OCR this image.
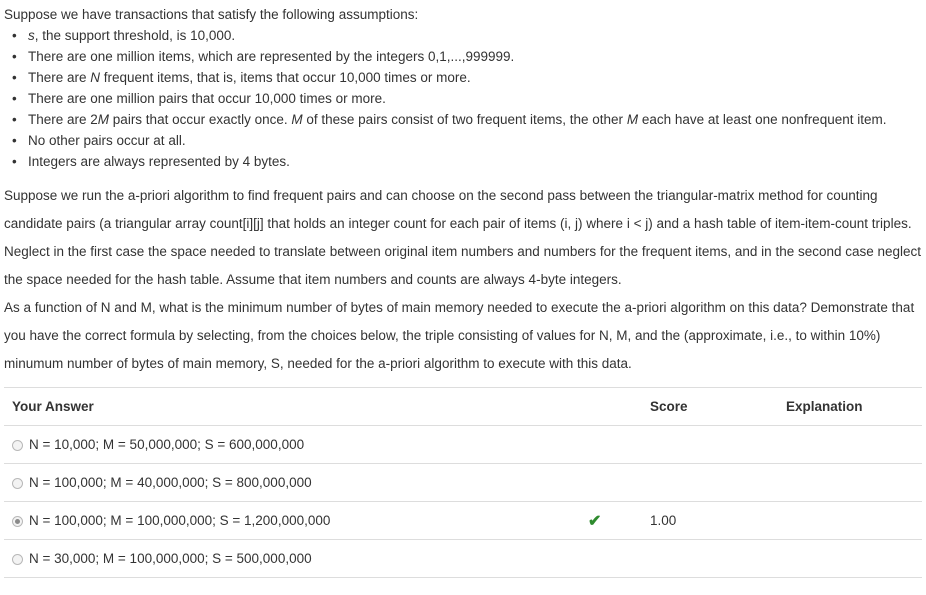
Suppose we have transactions that satisfy the following assumptions:

• s, the support threshold, is 10,000.
• There are one million items, which are represented by the integers 0,1,...,999999.
• There are N frequent items, that is, items that occur 10,000 times or more.
• There are one million pairs that occur 10,000 times or more.
• There are 2M pairs that occur exactly once. M of these pairs consist of two frequent items, the other M each have at least one nonfrequent item.
• No other pairs occur at all.
• Integers are always represented by 4 bytes.

Suppose we run the a-priori algorithm to find frequent pairs and can choose on the second pass between the triangular-matrix method for counting candidate pairs (a triangular array count[i][j] that holds an integer count for each pair of items (i, j) where i < j) and a hash table of item-item-count triples. Neglect in the first case the space needed to translate between original item numbers and numbers for the frequent items, and in the second case neglect the space needed for the hash table. Assume that item numbers and counts are always 4-byte integers.

As a function of N and M, what is the minimum number of bytes of main memory needed to execute the a-priori algorithm on this data? Demonstrate that you have the correct formula by selecting, from the choices below, the triple consisting of values for N, M, and the (approximate, i.e., to within 10%) minumum number of bytes of main memory, S, needed for the a-priori algorithm to execute with this data.

Your Answer		Score	Explanation
N = 10,000; M = 50,000,000; S = 600,000,000			
N = 100,000; M = 40,000,000; S = 800,000,000			
N = 100,000; M = 100,000,000; S = 1,200,000,000	✔	1.00	
N = 30,000; M = 100,000,000; S = 500,000,000			
